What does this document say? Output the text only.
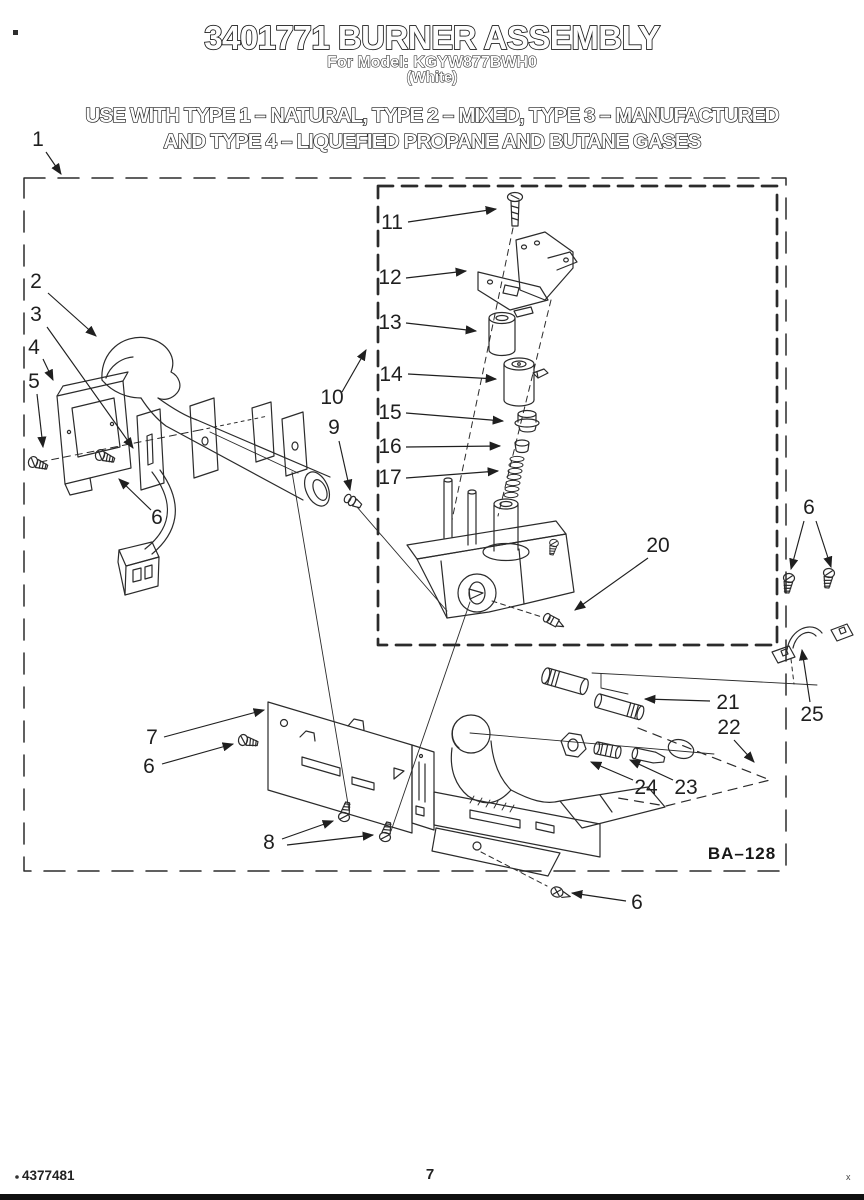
3401771 BURNER ASSEMBLY
For Model: KGYW877BWH0
(White)
USE WITH TYPE 1 – NATURAL, TYPE 2 – MIXED, TYPE 3 – MANUFACTURED
AND TYPE 4 – LIQUEFIED PROPANE AND BUTANE GASES
1
2
3
4
5
6
7
6
8
9
10
11
12
13
14
15
16
17
20
21
22
23
24
25
6
6
BA–128
4377481	7	x
